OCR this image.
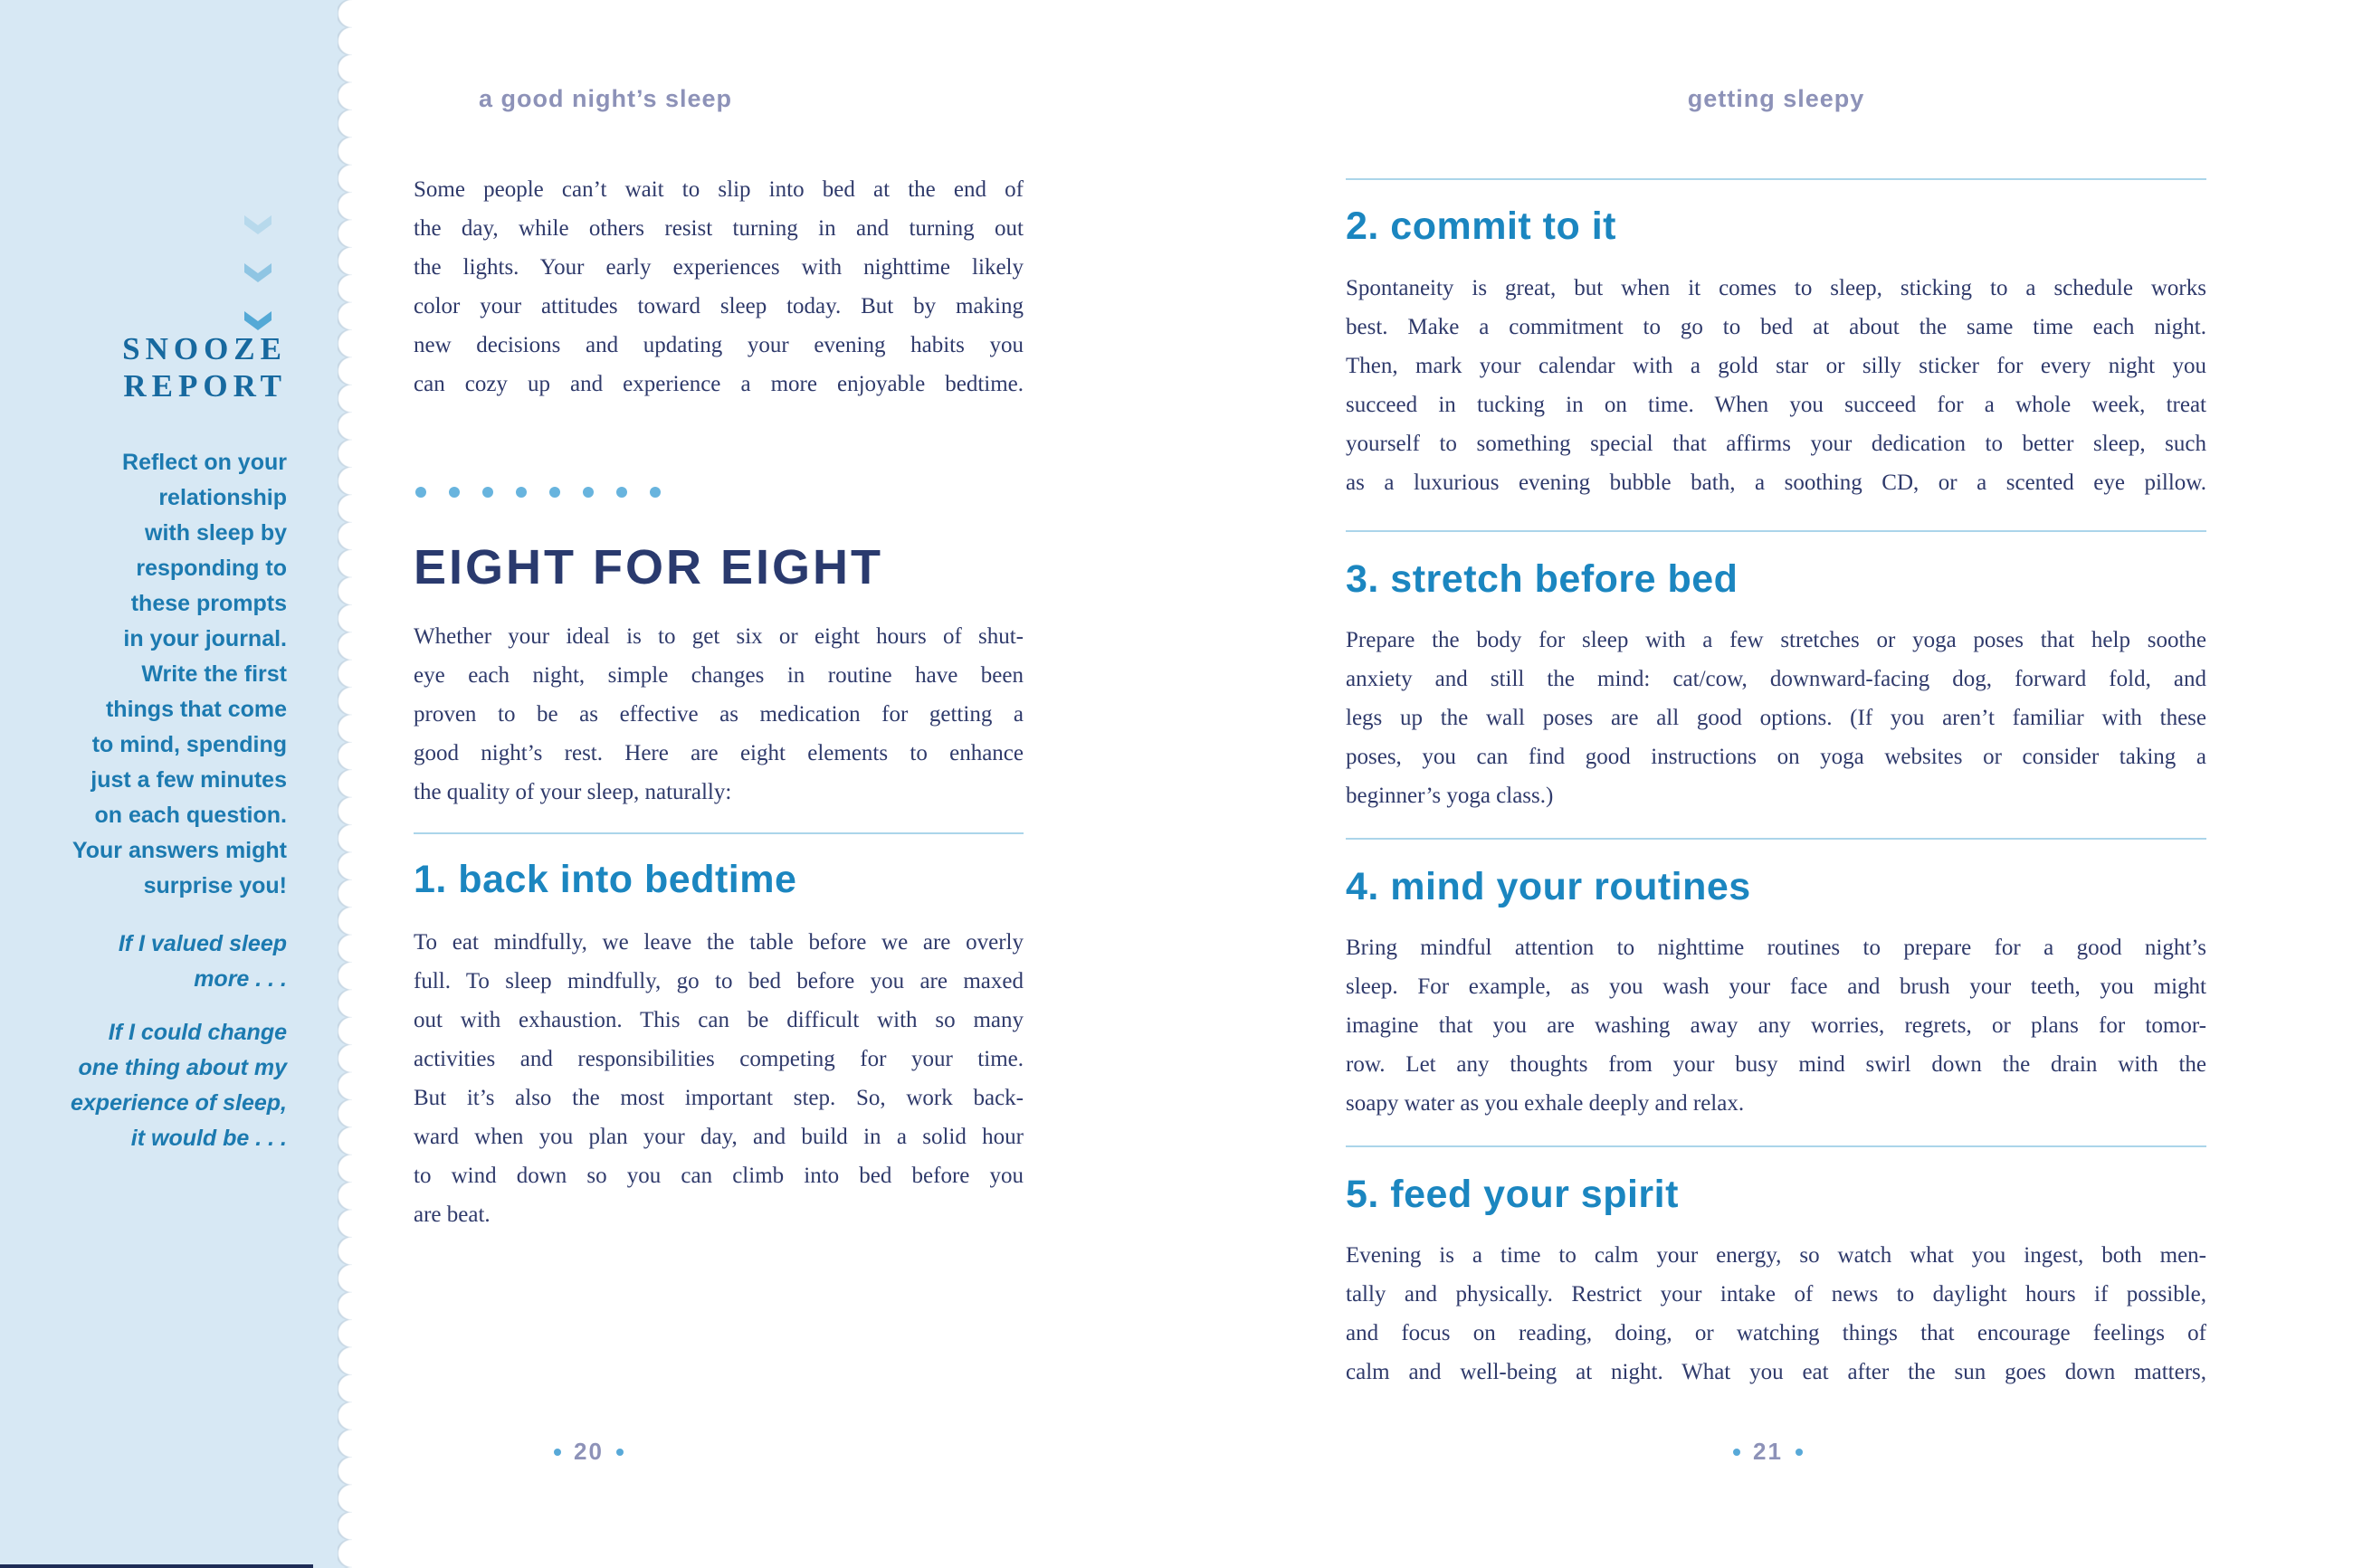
SNOOZE
REPORT
Reflect on your
relationship
with sleep by
responding to
these prompts
in your journal.
Write the first
things that come
to mind, spending
just a few minutes
on each question.
Your answers might
surprise you!
If I valued sleep
more . . .
If I could change
one thing about my
experience of sleep,
it would be . . .
a good night’s sleep
Some people can’t wait to slip into bed at the end of
the day, while others resist turning in and turning out
the lights. Your early experiences with nighttime likely
color your attitudes toward sleep today. But by making
new decisions and updating your evening habits you
can cozy up and experience a more enjoyable bedtime.
EIGHT FOR EIGHT
Whether your ideal is to get six or eight hours of shut-
eye each night, simple changes in routine have been
proven to be as effective as medication for getting a
good night’s rest. Here are eight elements to enhance
the quality of your sleep, naturally:
1. back into bedtime
To eat mindfully, we leave the table before we are overly
full. To sleep mindfully, go to bed before you are maxed
out with exhaustion. This can be difficult with so many
activities and responsibilities competing for your time.
But it’s also the most important step. So, work back-
ward when you plan your day, and build in a solid hour
to wind down so you can climb into bed before you
are beat.
20
getting sleepy
2. commit to it
Spontaneity is great, but when it comes to sleep, sticking to a schedule works
best. Make a commitment to go to bed at about the same time each night.
Then, mark your calendar with a gold star or silly sticker for every night you
succeed in tucking in on time. When you succeed for a whole week, treat
yourself to something special that affirms your dedication to better sleep, such
as a luxurious evening bubble bath, a soothing CD, or a scented eye pillow.
3. stretch before bed
Prepare the body for sleep with a few stretches or yoga poses that help soothe
anxiety and still the mind: cat/cow, downward-facing dog, forward fold, and
legs up the wall poses are all good options. (If you aren’t familiar with these
poses, you can find good instructions on yoga websites or consider taking a
beginner’s yoga class.)
4. mind your routines
Bring mindful attention to nighttime routines to prepare for a good night’s
sleep. For example, as you wash your face and brush your teeth, you might
imagine that you are washing away any worries, regrets, or plans for tomor-
row. Let any thoughts from your busy mind swirl down the drain with the
soapy water as you exhale deeply and relax.
5. feed your spirit
Evening is a time to calm your energy, so watch what you ingest, both men-
tally and physically. Restrict your intake of news to daylight hours if possible,
and focus on reading, doing, or watching things that encourage feelings of
calm and well-being at night. What you eat after the sun goes down matters,
21
